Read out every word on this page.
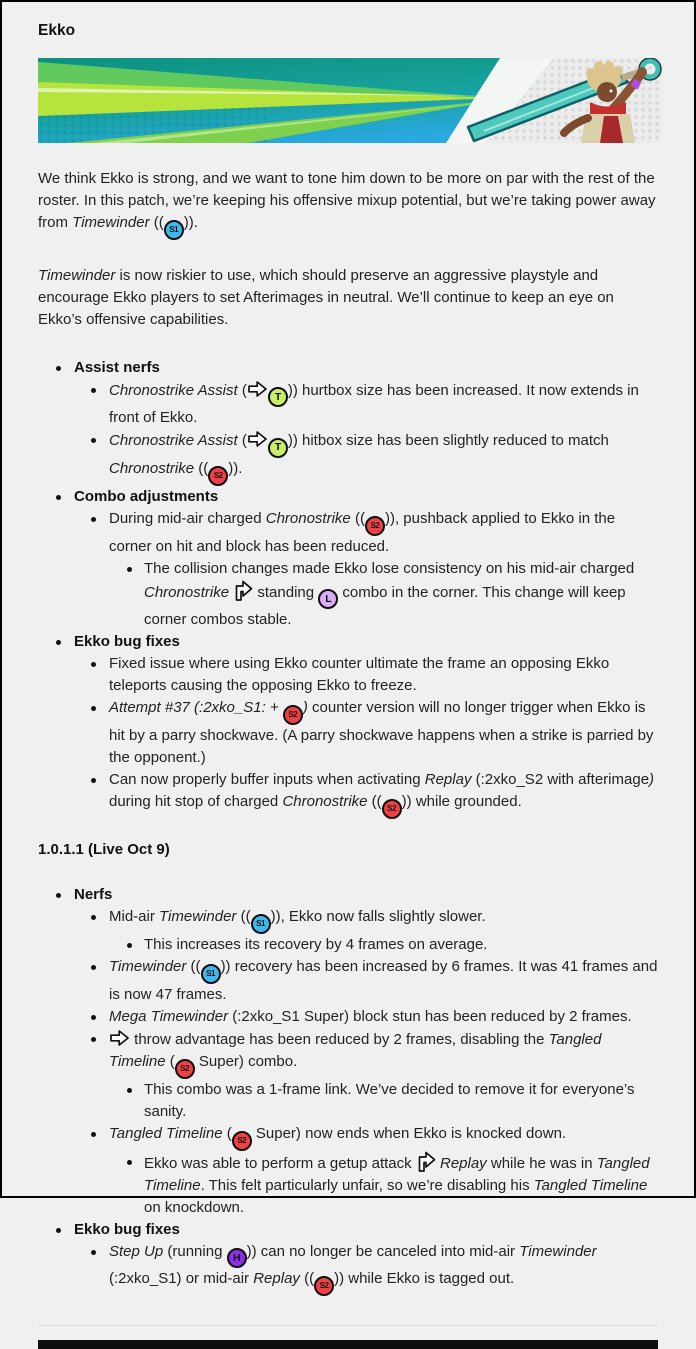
Ekko
We think Ekko is strong, and we want to tone him down to be more on par with the rest of the roster. In this patch, we’re keeping his offensive mixup potential, but we’re taking power away from Timewinder (( S1 )).
Timewinder is now riskier to use, which should preserve an aggressive playstyle and encourage Ekko players to set Afterimages in neutral. We’ll continue to keep an eye on Ekko’s offensive capabilities.
Assist nerfs
Chronostrike Assist (	T )) hurtbox size has been increased. It now extends in front of Ekko.
Chronostrike Assist (	T )) hitbox size has been slightly reduced to match Chronostrike (( S2 )).
Combo adjustments
During mid-air charged Chronostrike (( S2 )), pushback applied to Ekko in the corner on hit and block has been reduced.
The collision changes made Ekko lose consistency on his mid-air charged Chronostrike  standing L combo in the corner. This change will keep corner combos stable.
Ekko bug fixes
Fixed issue where using Ekko counter ultimate the frame an opposing Ekko teleports causing the opposing Ekko to freeze.
Attempt #37 (:2xko_S1: + S2 ) counter version will no longer trigger when Ekko is hit by a parry shockwave. (A parry shockwave happens when a strike is parried by the opponent.)
Can now properly buffer inputs when activating Replay (:2xko_S2 with afterimage) during hit stop of charged Chronostrike (( S2 )) while grounded.
1.0.1.1 (Live Oct 9)
Nerfs
Mid-air Timewinder (( S1 )), Ekko now falls slightly slower.
This increases its recovery by 4 frames on average.
Timewinder (( S1 )) recovery has been increased by 6 frames. It was 41 frames and is now 47 frames.
Mega Timewinder (:2xko_S1 Super) block stun has been reduced by 2 frames.
throw advantage has been reduced by 2 frames, disabling the Tangled Timeline ( S2 Super) combo.
This combo was a 1-frame link. We’ve decided to remove it for everyone’s sanity.
Tangled Timeline ( S2 Super) now ends when Ekko is knocked down.
Ekko was able to perform a getup attack  Replay while he was in Tangled Timeline. This felt particularly unfair, so we’re disabling his Tangled Timeline on knockdown.
Ekko bug fixes
Step Up (running H )) can no longer be canceled into mid-air Timewinder (:2xko_S1) or mid-air Replay (( S2 )) while Ekko is tagged out.
